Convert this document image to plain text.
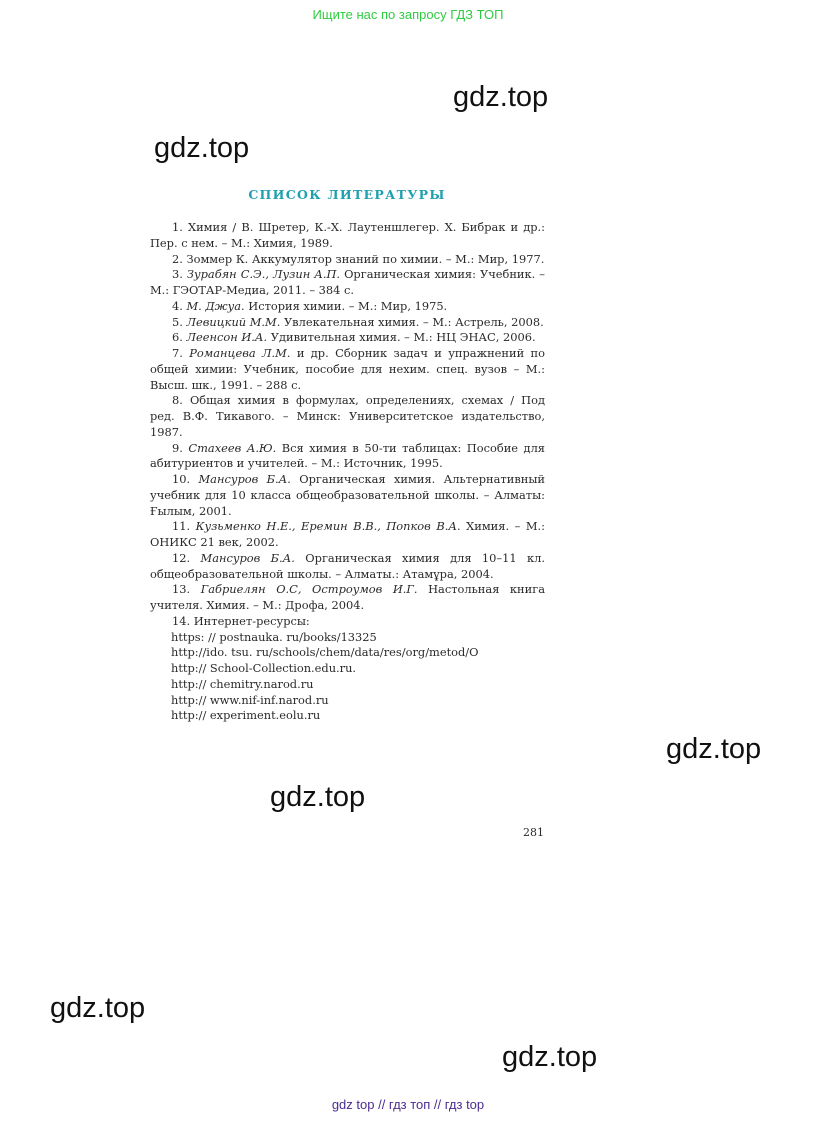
Ищите нас по запросу ГДЗ ТОП
gdz.top
gdz.top
gdz.top
gdz.top
gdz.top
gdz.top
СПИСОК ЛИТЕРАТУРЫ

1. Химия / В. Шретер, К.-Х. Лаутеншлегер. Х. Бибрак и др.: Пер. с нем. – М.: Химия, 1989.

2. Зоммер К. Аккумулятор знаний по химии. – М.: Мир, 1977.

3. Зурабян С.Э., Лузин А.П. Органическая химия: Учебник. – М.: ГЭОТАР-Медиа, 2011. – 384 с.

4. М. Джуа. История химии. – М.: Мир, 1975.

5. Левицкий М.М. Увлекательная химия. – М.: Астрель, 2008.

6. Леенсон И.А. Удивительная химия. – М.: НЦ ЭНАС, 2006.

7. Романцева Л.М. и др. Сборник задач и упражнений по общей химии: Учебник, пособие для нехим. спец. вузов – М.: Высш. шк., 1991. – 288 с.

8. Общая химия в формулах, определениях, схемах / Под ред. В.Ф. Тикавого. – Минск: Университетское издательство, 1987.

9. Стахеев А.Ю. Вся химия в 50-ти таблицах: Пособие для абитуриентов и учителей. – М.: Источник, 1995.

10. Мансуров Б.А. Органическая химия. Альтернативный учебник для 10 класса общеобразовательной школы. – Алматы: Ғылым, 2001.

11. Кузьменко Н.Е., Еремин В.В., Попков В.А. Химия. – М.: ОНИКС 21 век, 2002.

12. Мансуров Б.А. Органическая химия для 10–11 кл. общеобразовательной школы. – Алматы.: Атамұра, 2004.

13. Габриелян О.С, Остроумов И.Г. Настольная книга учителя. Химия. – М.: Дрофа, 2004.

14. Интернет-ресурсы:

https: // postnauka. ru/books/13325

http://ido. tsu. ru/schools/chem/data/res/org/metod/O

http:// School-Collection.edu.ru.

http:// chemitry.narod.ru

http:// www.nif-inf.narod.ru

http:// experiment.eolu.ru

281
gdz top // гдз топ // гдз top
